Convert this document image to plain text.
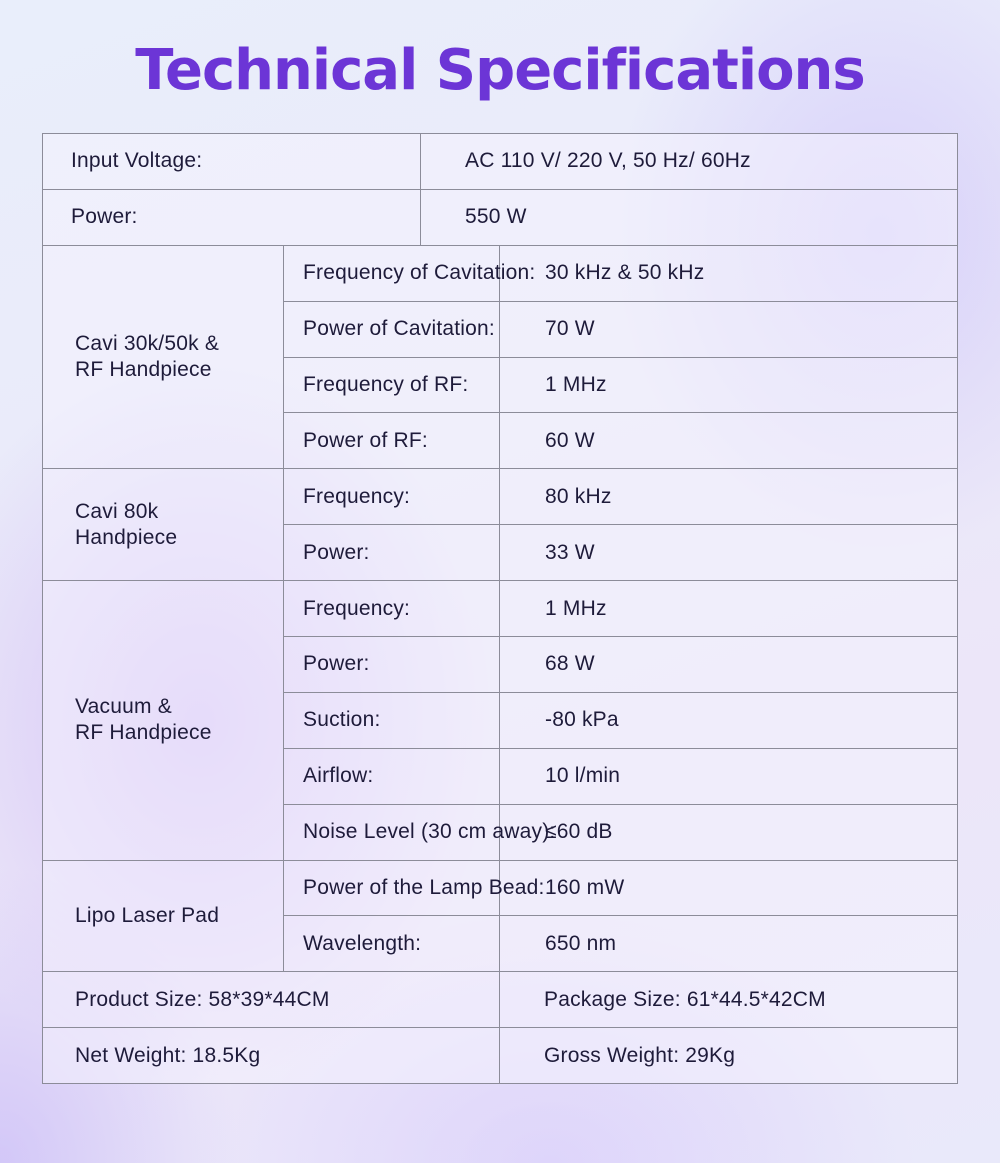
Technical Specifications
Input Voltage:		AC 110 V/ 220 V, 50 Hz/ 60Hz	
Power:		550 W	
Cavi 30k/50k &
RF Handpiece	Frequency of Cavitation:		30 kHz & 50 kHz
	Power of Cavitation:		70 W
	Frequency of RF:		1 MHz
	Power of RF:		60 W
Cavi 80k
Handpiece	Frequency:		80 kHz
	Power:		33 W
Vacuum &
RF Handpiece	Frequency:		1 MHz
	Power:		68 W
	Suction:		-80 kPa
	Airflow:		10 l/min
	Noise Level (30 cm away):		≤60 dB
Lipo Laser Pad	Power of the Lamp Bead:		160 mW
	Wavelength:		650 nm
Product Size: 58*39*44CM			Package Size: 61*44.5*42CM
Net Weight: 18.5Kg			Gross Weight: 29Kg
